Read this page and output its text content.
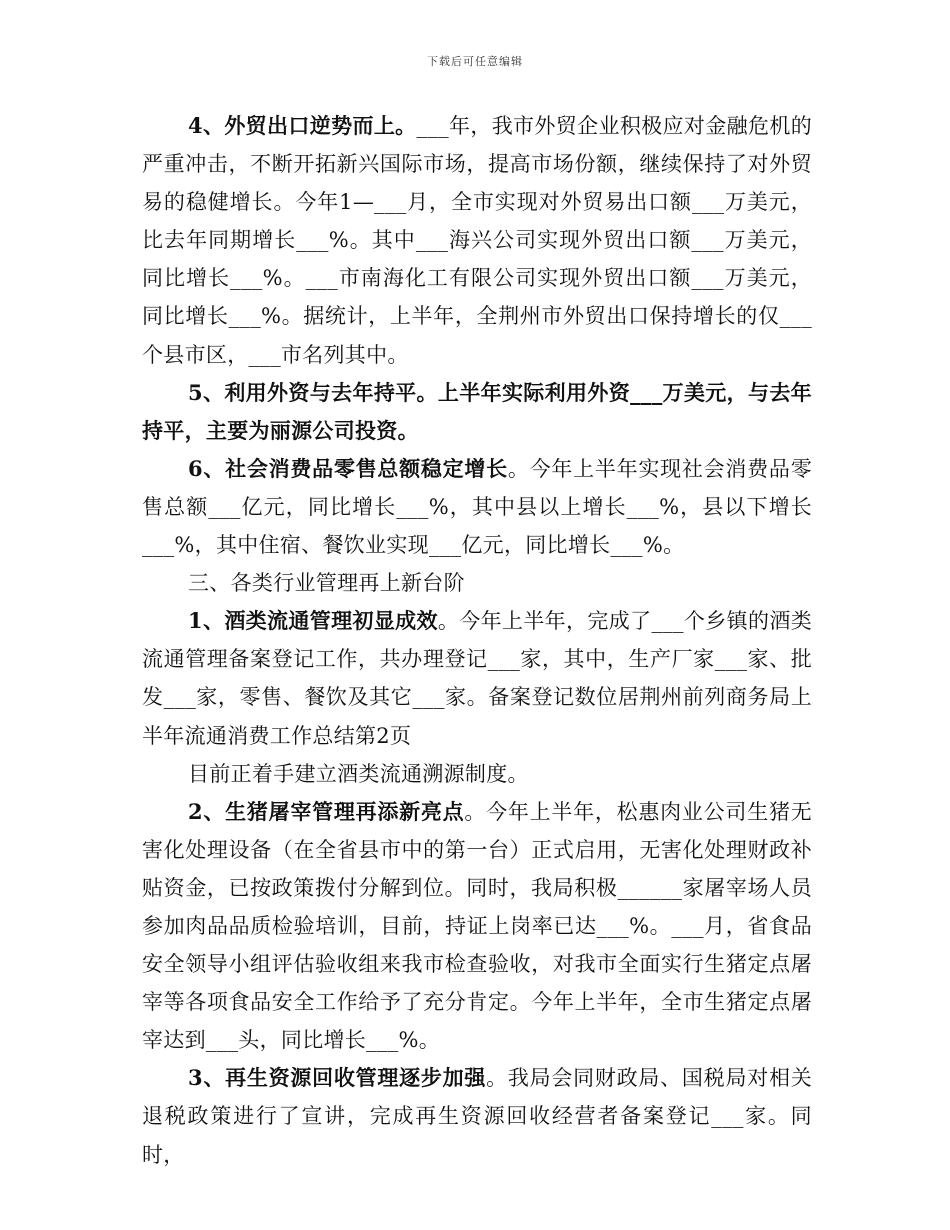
下载后可任意编辑

4、外贸出口逆势而上。___年，我市外贸企业积极应对金融危机的严重冲击，不断开拓新兴国际市场，提高市场份额，继续保持了对外贸易的稳健增长。今年1—___月，全市实现对外贸易出口额___万美元，比去年同期增长___%。其中___海兴公司实现外贸出口额___万美元，同比增长___%。___市南海化工有限公司实现外贸出口额___万美元，同比增长___%。据统计，上半年，全荆州市外贸出口保持增长的仅___个县市区，___市名列其中。

5、利用外资与去年持平。上半年实际利用外资___万美元，与去年持平，主要为丽源公司投资。

6、社会消费品零售总额稳定增长。今年上半年实现社会消费品零售总额___亿元，同比增长___%，其中县以上增长___%，县以下增长___%，其中住宿、餐饮业实现___亿元，同比增长___%。

三、各类行业管理再上新台阶

1、酒类流通管理初显成效。今年上半年，完成了___个乡镇的酒类流通管理备案登记工作，共办理登记___家，其中，生产厂家___家、批发___家，零售、餐饮及其它___家。备案登记数位居荆州前列商务局上半年流通消费工作总结第2页

目前正着手建立酒类流通溯源制度。

2、生猪屠宰管理再添新亮点。今年上半年，松惠肉业公司生猪无害化处理设备（在全省县市中的第一台）正式启用，无害化处理财政补贴资金，已按政策拨付分解到位。同时，我局积极______家屠宰场人员参加肉品品质检验培训，目前，持证上岗率已达___%。___月，省食品安全领导小组评估验收组来我市检查验收，对我市全面实行生猪定点屠宰等各项食品安全工作给予了充分肯定。今年上半年，全市生猪定点屠宰达到___头，同比增长___%。

3、再生资源回收管理逐步加强。我局会同财政局、国税局对相关退税政策进行了宣讲，完成再生资源回收经营者备案登记___家。同时，
